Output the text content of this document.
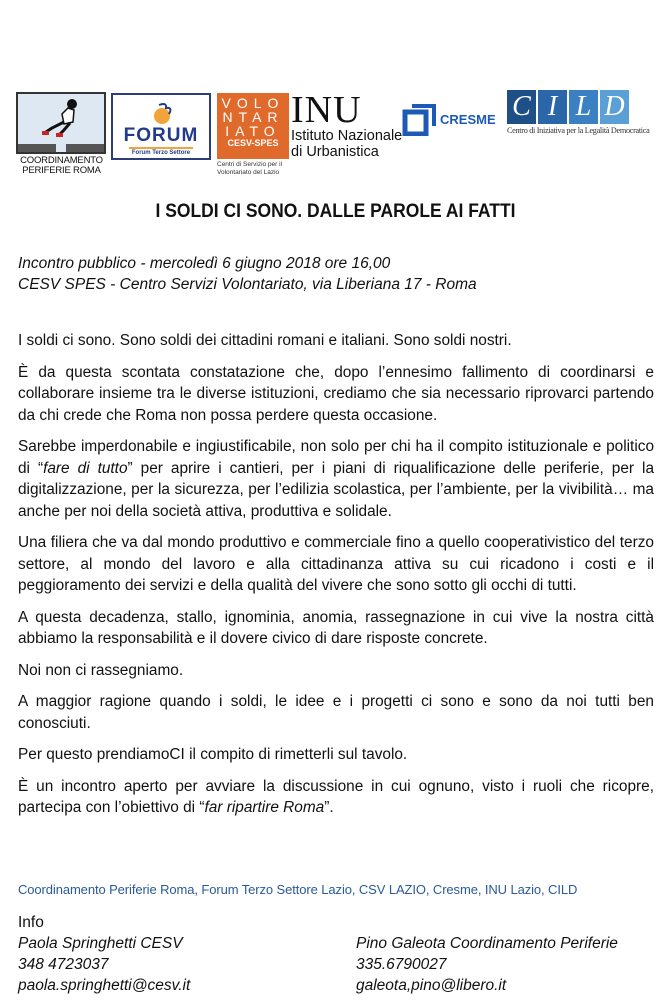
COORDINAMENTO
PERIFERIE ROMA
FORUM
Forum Terzo Settore
VOLO
NTAR
IATO
CESV-SPES
Centri di Servizio per il
Volontariato del Lazio
INU
Istituto Nazionale
di Urbanistica
CRESME C I L D
Centro di Iniziativa per la Legalità Democratica
I SOLDI CI SONO. DALLE PAROLE AI FATTI
Incontro pubblico - mercoledì 6 giugno 2018 ore 16,00
CESV SPES - Centro Servizi Volontariato, via Liberiana 17 - Roma

I soldi ci sono. Sono soldi dei cittadini romani e italiani. Sono soldi nostri.

È da questa scontata constatazione che, dopo l’ennesimo fallimento di coordinarsi e collaborare insieme tra le diverse istituzioni, crediamo che sia necessario riprovarci partendo da chi crede che Roma non possa perdere questa occasione.

Sarebbe imperdonabile e ingiustificabile, non solo per chi ha il compito istituzionale e politico di “fare di tutto” per aprire i cantieri, per i piani di riqualificazione delle periferie, per la digitalizzazione, per la sicurezza, per l’edilizia scolastica, per l’ambiente, per la vivibilità… ma anche per noi della società attiva, produttiva e solidale.

Una filiera che va dal mondo produttivo e commerciale fino a quello cooperativistico del terzo settore, al mondo del lavoro e alla cittadinanza attiva su cui ricadono i costi e il peggioramento dei servizi e della qualità del vivere che sono sotto gli occhi di tutti.

A questa decadenza, stallo, ignominia, anomia, rassegnazione in cui vive la nostra città abbiamo la responsabilità e il dovere civico di dare risposte concrete.

Noi non ci rassegniamo.

A maggior ragione quando i soldi, le idee e i progetti ci sono e sono da noi tutti ben conosciuti.

Per questo prendiamoCI il compito di rimetterli sul tavolo.

È un incontro aperto per avviare la discussione in cui ognuno, visto i ruoli che ricopre, partecipa con l’obiettivo di “far ripartire Roma”.

Coordinamento Periferie Roma, Forum Terzo Settore Lazio, CSV LAZIO, Cresme, INU Lazio, CILD
Info
Paola Springhetti CESV
348 4723037
paola.springhetti@cesv.it
Pino Galeota Coordinamento Periferie
335.6790027
galeota,pino@libero.it
